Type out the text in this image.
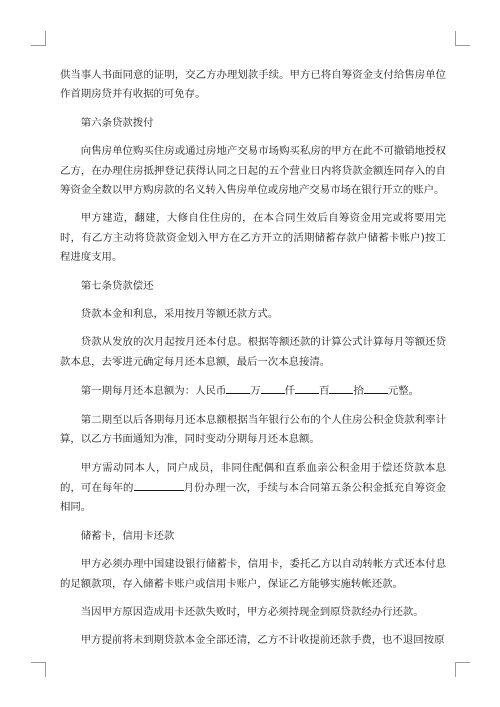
供当事人书面同意的证明，交乙方办理划款手续。甲方已将自筹资金支付给售房单位作首期房贷并有收据的可免存。

第六条贷款拨付

向售房单位购买住房或通过房地产交易市场购买私房的甲方在此不可撤销地授权乙方，在办理住房抵押登记获得认同之日起的五个营业日内将贷款金额连同存入的自筹资金全数以甲方购房款的名义转入售房单位或房地产交易市场在银行开立的账户。

甲方建造，翻建，大修自住住房的，在本合同生效后自筹资金用完或将要用完时，有乙方主动将贷款资金划入甲方在乙方开立的活期储蓄存款户储蓄卡账户)按工程进度支用。

第七条贷款偿还

贷款本金和利息，采用按月等额还款方式。

贷款从发放的次月起按月还本付息。根据等额还款的计算公式计算每月等额还贷款本息，去零进元确定每月还本息额，最后一次本息接清。

第一期每月还本息额为：人民币 万 仟 百 拾 元整。

第二期至以后各期每月还本息额根据当年银行公布的个人住房公积金贷款利率计算，以乙方书面通知为准，同时变动分期每月还本息额。

甲方需动同本人，同户成员，非同住配偶和直系血亲公积金用于偿还贷款本息的，可在每年的	月份办理一次，手续与本合同第五条公积金抵充自筹资金相同。

储蓄卡，信用卡还款

甲方必须办理中国建设银行储蓄卡，信用卡，委托乙方以自动转帐方式还本付息的足额款项，存入储蓄卡账户或信用卡账户，保证乙方能够实施转帐还款。

当因甲方原因造成用卡还款失败时，甲方必须持现金到原贷款经办行还款。

甲方提前将未到期贷款本金全部还清，乙方不计收提前还款手费，也不退回按原
